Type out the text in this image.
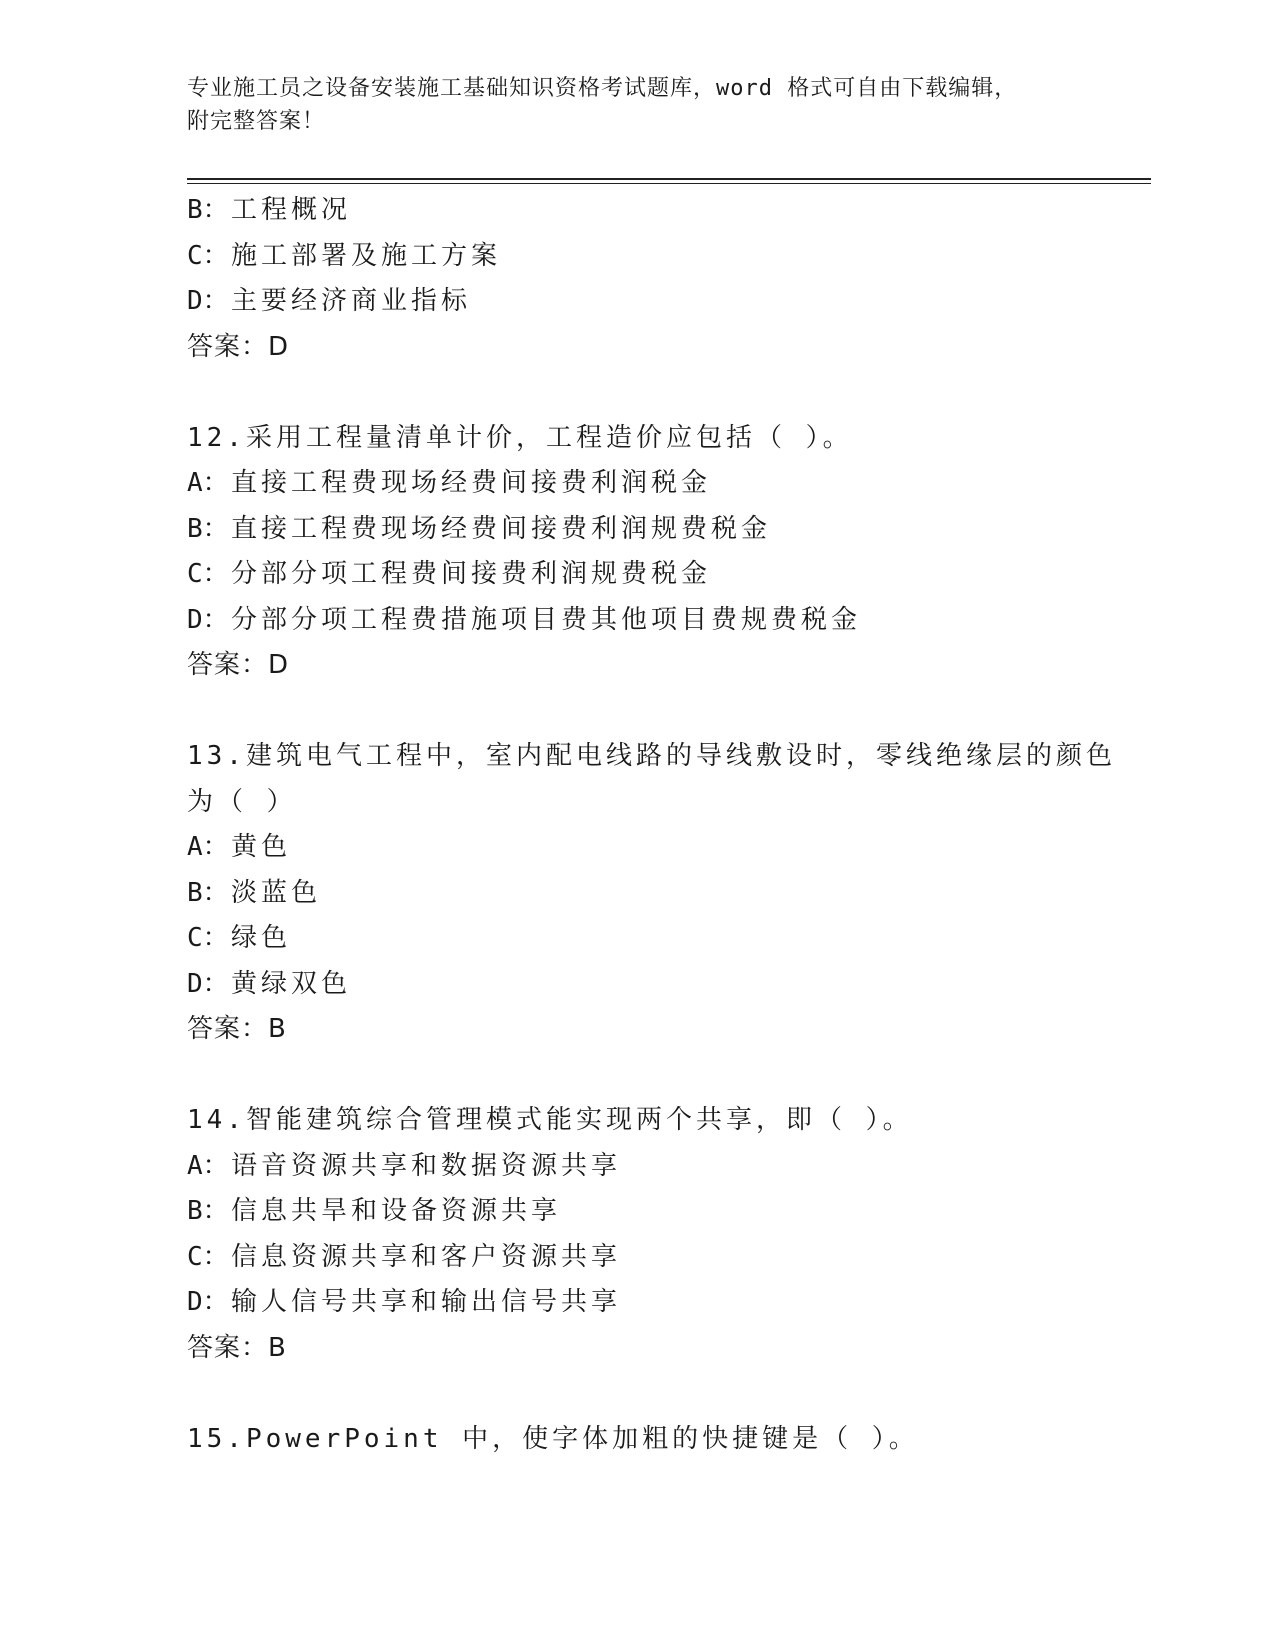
专业施工员之设备安装施工基础知识资格考试题库，word 格式可自由下载编辑，
附完整答案！
B：工程概况
C：施工部署及施工方案
D：主要经济商业指标
答案：D
12.采用工程量清单计价，工程造价应包括（ ）。
A：直接工程费现场经费间接费利润税金
B：直接工程费现场经费间接费利润规费税金
C：分部分项工程费间接费利润规费税金
D：分部分项工程费措施项目费其他项目费规费税金
答案：D
13.建筑电气工程中，室内配电线路的导线敷设时，零线绝缘层的颜色
为（ ）
A：黄色
B：淡蓝色
C：绿色
D：黄绿双色
答案：B
14.智能建筑综合管理模式能实现两个共享，即（ ）。
A：语音资源共享和数据资源共享
B：信息共旱和设备资源共享
C：信息资源共享和客户资源共享
D：输人信号共享和输出信号共享
答案：B
15.PowerPoint 中，使字体加粗的快捷键是（ ）。
